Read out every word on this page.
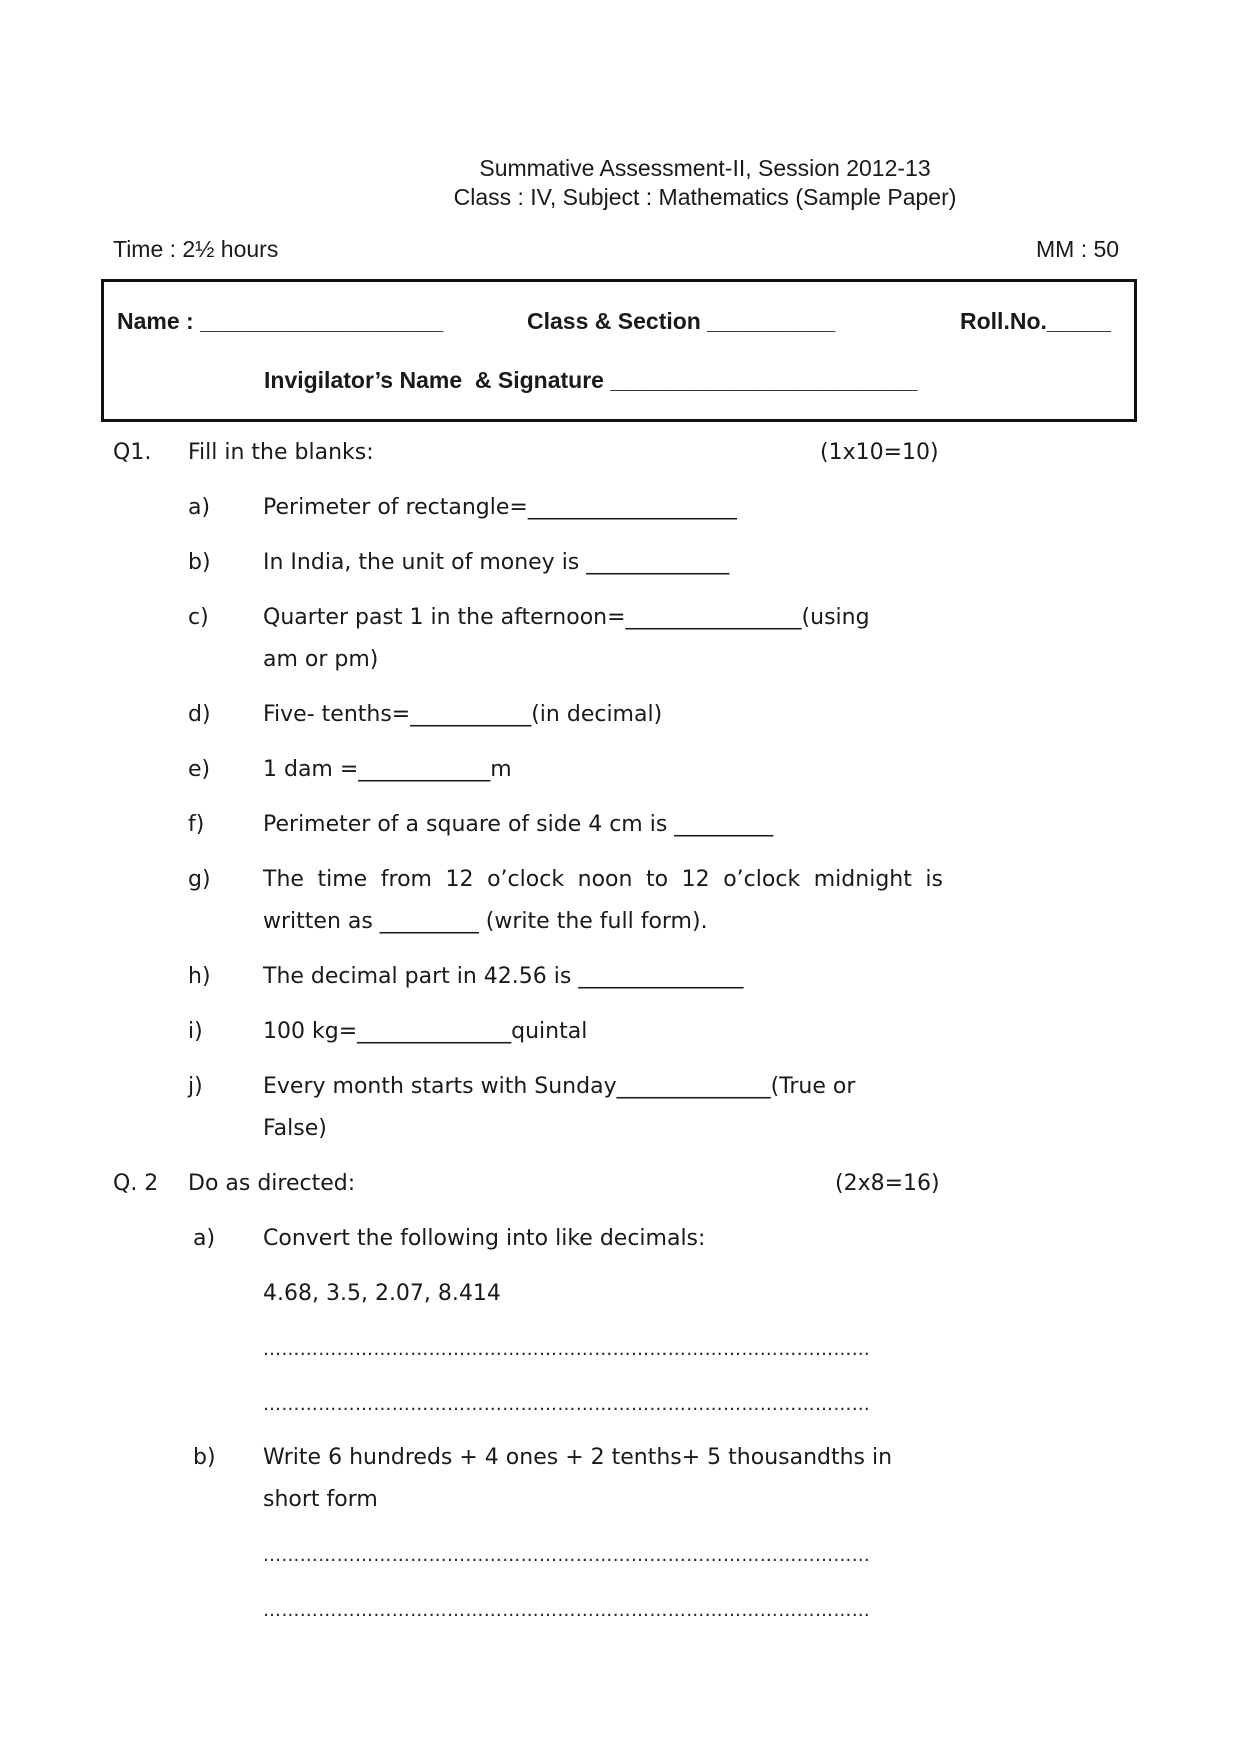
Summative Assessment-II, Session 2012-13
Class : IV, Subject : Mathematics (Sample Paper)
Time : 2½ hours	MM : 50
Name : ___________________	Class & Section __________	Roll.No._____
Invigilator’s Name  & Signature ________________________
Q1. Fill in the blanks:	(1x10=10)
a) Perimeter of rectangle=___________________
b) In India, the unit of money is _____________
c) Quarter past 1 in the afternoon=________________(using
am or pm)
d) Five- tenths=___________(in decimal)
e) 1 dam =____________m
f)	Perimeter of a square of side 4 cm is _________
g) The time from 12 o’clock noon to 12 o’clock midnight is
written as _________ (write the full form).
h) The decimal part in 42.56 is _______________
i)	100 kg=______________quintal
j)	Every month starts with Sunday______________(True or
False)
Q. 2 Do as directed:	(2x8=16)
a) Convert the following into like decimals:
4.68, 3.5, 2.07, 8.414
………………………………………………………………………………………
………………………………………………………………………………………
b) Write 6 hundreds + 4 ones + 2 tenths+ 5 thousandths in
short form
………………………………………………………………………………………
………………………………………………………………………………………
